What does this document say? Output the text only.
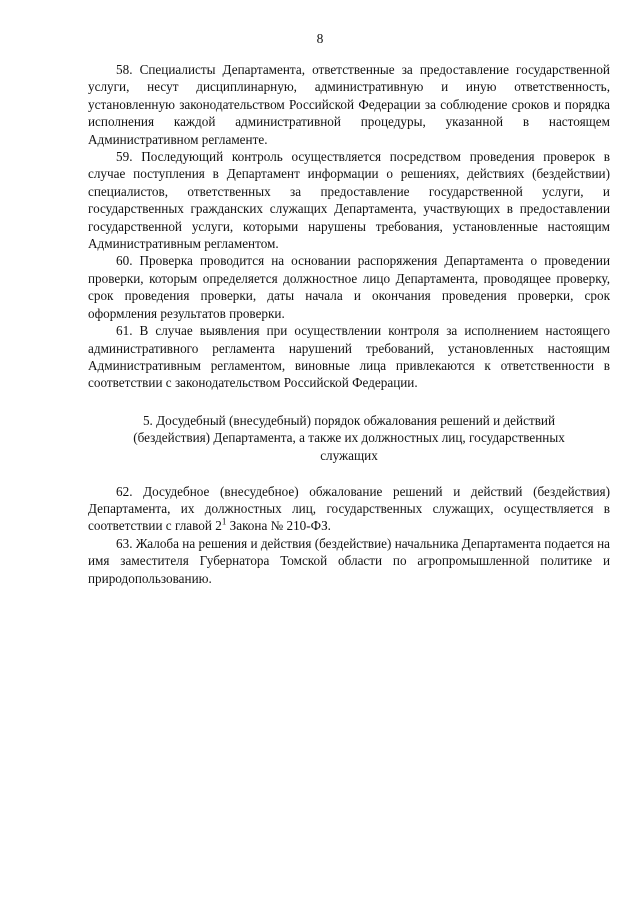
8

58. Специалисты Департамента, ответственные за предоставление государственной услуги, несут дисциплинарную, административную и иную ответственность, установленную законодательством Российской Федерации за соблюдение сроков и порядка исполнения каждой административной процедуры, указанной в настоящем Административном регламенте.

59. Последующий контроль осуществляется посредством проведения проверок в случае поступления в Департамент информации о решениях, действиях (бездействии) специалистов, ответственных за предоставление государственной услуги, и государственных гражданских служащих Департамента, участвующих в предоставлении государственной услуги, которыми нарушены требования, установленные настоящим Административным регламентом.

60. Проверка проводится на основании распоряжения Департамента о проведении проверки, которым определяется должностное лицо Департамента, проводящее проверку, срок проведения проверки, даты начала и окончания проведения проверки, срок оформления результатов проверки.

61. В случае выявления при осуществлении контроля за исполнением настоящего административного регламента нарушений требований, установленных настоящим Административным регламентом, виновные лица привлекаются к ответственности в соответствии с законодательством Российской Федерации.

5. Досудебный (внесудебный) порядок обжалования решений и действий (бездействия) Департамента, а также их должностных лиц, государственных служащих

62. Досудебное (внесудебное) обжалование решений и действий (бездействия) Департамента, их должностных лиц, государственных служащих, осуществляется в соответствии с главой $2^1$ Закона № 210-ФЗ.

63. Жалоба на решения и действия (бездействие) начальника Департамента подается на имя заместителя Губернатора Томской области по агропромышленной политике и природопользованию.
